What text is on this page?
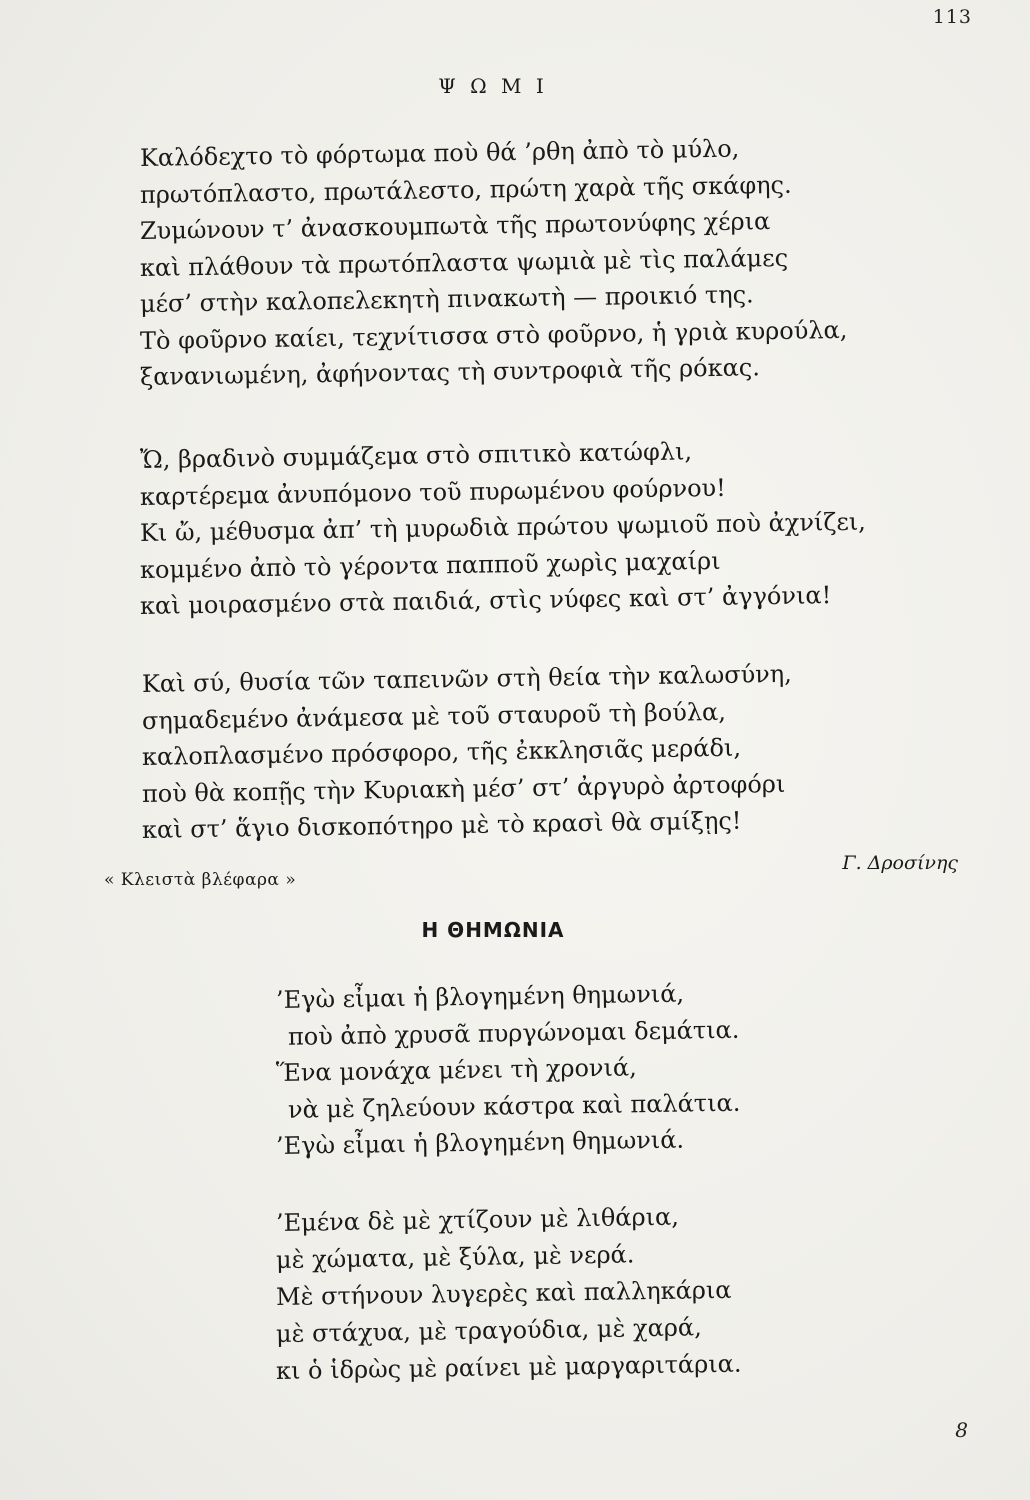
113
Ψ Ω Μ Ι
Καλόδεχτο τὸ φόρτωμα ποὺ θά ’ρθη ἀπὸ τὸ μύλο,
πρωτόπλαστο, πρωτάλεστο, πρώτη χαρὰ τῆς σκάφης.
Ζυμώνουν τ’ ἀνασκουμπωτὰ τῆς πρωτονύφης χέρια
καὶ πλάθουν τὰ πρωτόπλαστα ψωμιὰ μὲ τὶς παλάμες
μέσ’ στὴν καλοπελεκητὴ πινακωτὴ — προικιό της.
Τὸ φοῦρνο καίει, τεχνίτισσα στὸ φοῦρνο, ἡ γριὰ κυρούλα,
ξανανιωμένη, ἀφήνοντας τὴ συντροφιὰ τῆς ρόκας.
Ὤ, βραδινὸ συμμάζεμα στὸ σπιτικὸ κατώφλι,
καρτέρεμα ἀνυπόμονο τοῦ πυρωμένου φούρνου!
Κι ὤ, μέθυσμα ἀπ’ τὴ μυρωδιὰ πρώτου ψωμιοῦ ποὺ ἀχνίζει,
κομμένο ἀπὸ τὸ γέροντα παπποῦ χωρὶς μαχαίρι
καὶ μοιρασμένο στὰ παιδιά, στὶς νύφες καὶ στ’ ἀγγόνια!
Καὶ σύ, θυσία τῶν ταπεινῶν στὴ θεία τὴν καλωσύνη,
σημαδεμένο ἀνάμεσα μὲ τοῦ σταυροῦ τὴ βούλα,
καλοπλασμένο πρόσφορο, τῆς ἐκκλησιᾶς μεράδι,
ποὺ θὰ κοπῇς τὴν Κυριακὴ μέσ’ στ’ ἀργυρὸ ἀρτοφόρι
καὶ στ’ ἅγιο δισκοπότηρο μὲ τὸ κρασὶ θὰ σμίξῃς!
« Κλειστὰ βλέφαρα »
Γ. Δροσίνης
Η ΘΗΜΩΝΙΑ
’Εγὼ εἶμαι ἡ βλογημένη θημωνιά,
ποὺ ἀπὸ χρυσᾶ πυργώνομαι δεμάτια.
Ἕνα μονάχα μένει τὴ χρονιά,
νὰ μὲ ζηλεύουν κάστρα καὶ παλάτια.
’Εγὼ εἶμαι ἡ βλογημένη θημωνιά.
’Εμένα δὲ μὲ χτίζουν μὲ λιθάρια,
μὲ χώματα, μὲ ξύλα, μὲ νερά.
Μὲ στήνουν λυγερὲς καὶ παλληκάρια
μὲ στάχυα, μὲ τραγούδια, μὲ χαρά,
κι ὁ ἱδρὼς μὲ ραίνει μὲ μαργαριτάρια.
8
